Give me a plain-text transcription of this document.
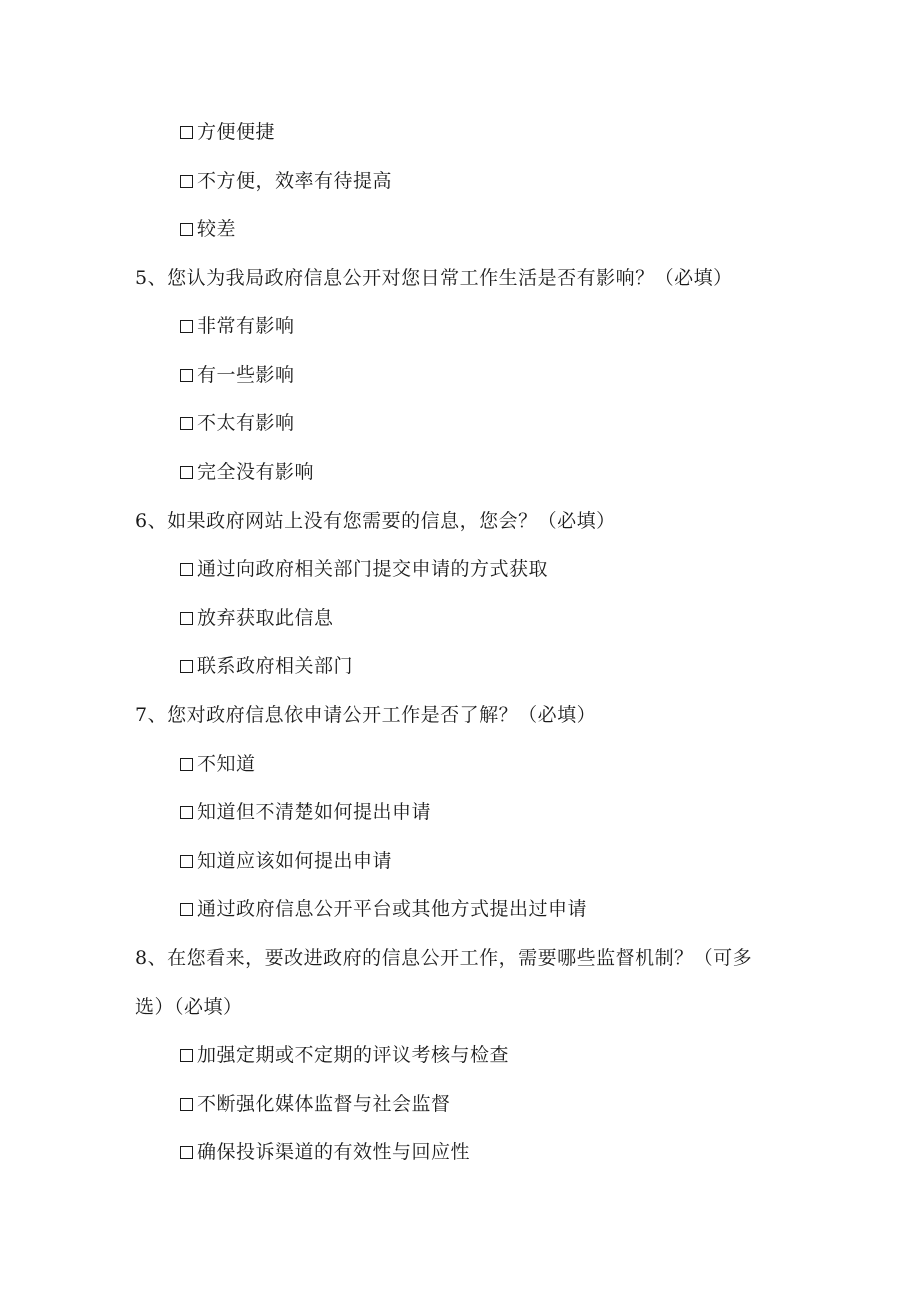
方便便捷
不方便，效率有待提高
较差
5、您认为我局政府信息公开对您日常工作生活是否有影响？（必填）
非常有影响
有一些影响
不太有影响
完全没有影响
6、如果政府网站上没有您需要的信息，您会？（必填）
通过向政府相关部门提交申请的方式获取
放弃获取此信息
联系政府相关部门
7、您对政府信息依申请公开工作是否了解？（必填）
不知道
知道但不清楚如何提出申请
知道应该如何提出申请
通过政府信息公开平台或其他方式提出过申请
8、在您看来，要改进政府的信息公开工作，需要哪些监督机制？（可多
选）（必填）
加强定期或不定期的评议考核与检查
不断强化媒体监督与社会监督
确保投诉渠道的有效性与回应性
